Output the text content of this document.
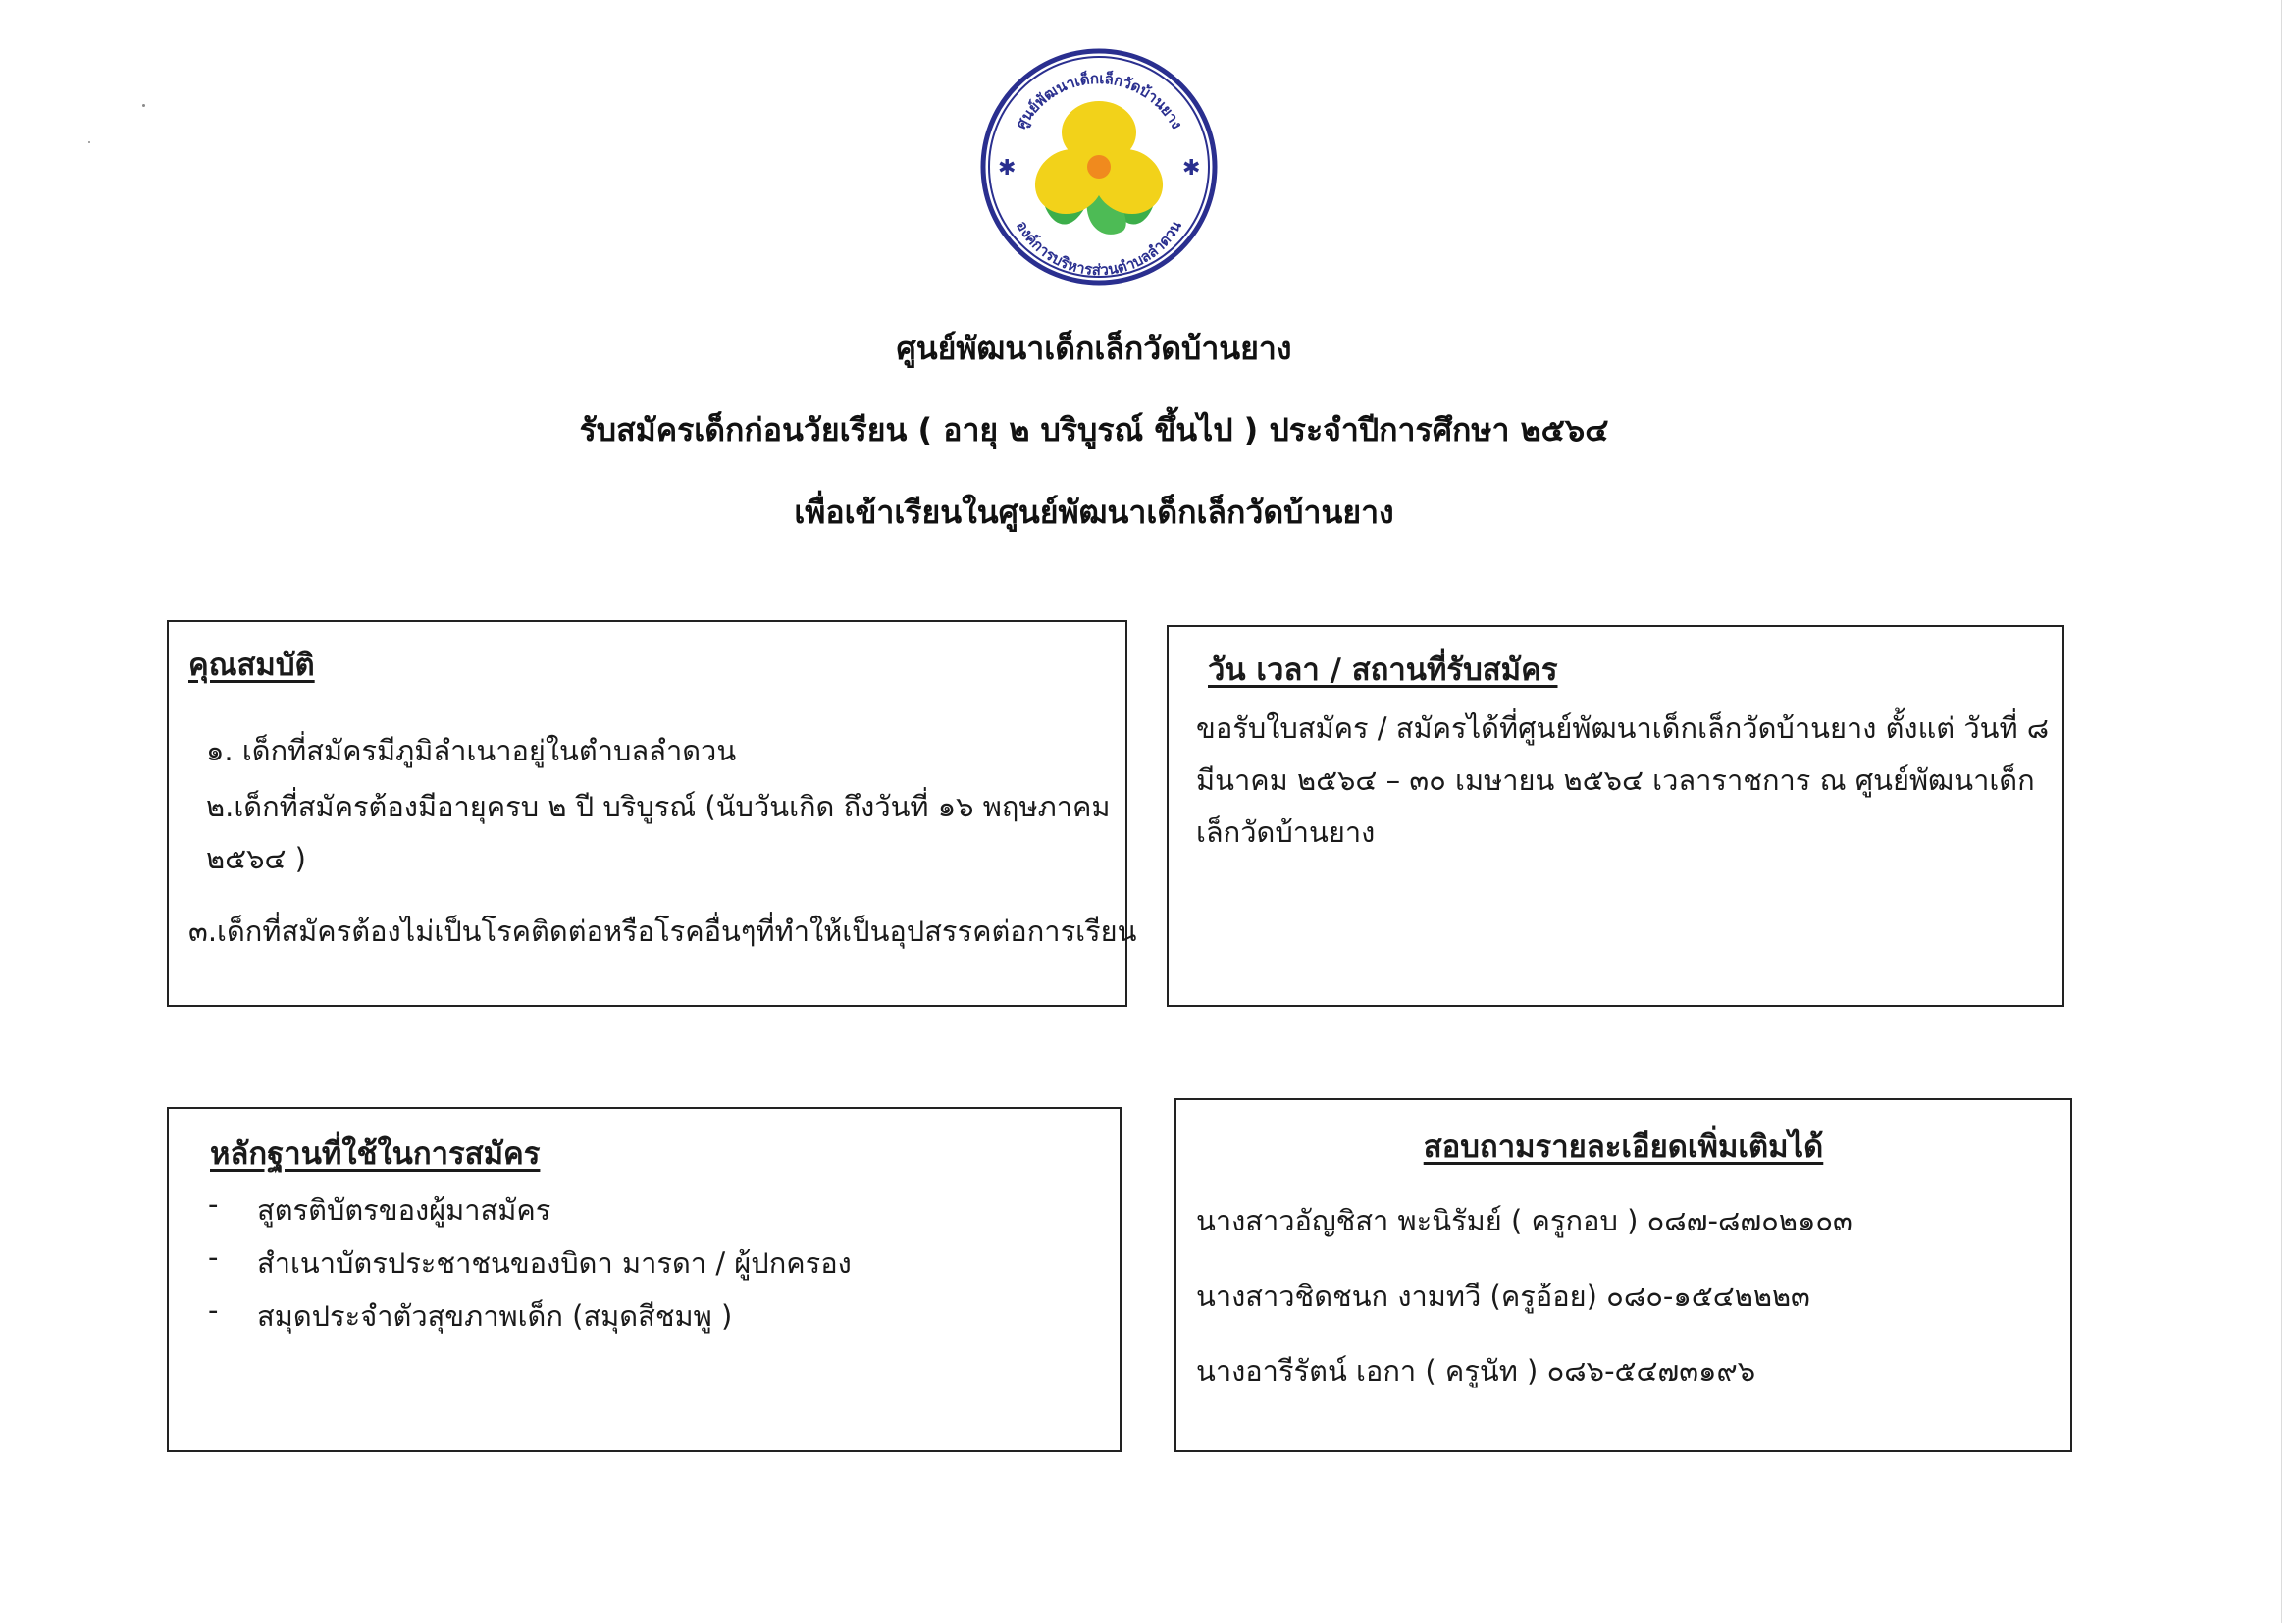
ศูนย์พัฒนาเด็กเล็กวัดบ้านยาง
องค์การบริหารส่วนตำบลลำดวน
✱	✱
ศูนย์พัฒนาเด็กเล็กวัดบ้านยาง
รับสมัครเด็กก่อนวัยเรียน ( อายุ ๒ บริบูรณ์ ขึ้นไป ) ประจำปีการศึกษา ๒๕๖๔
เพื่อเข้าเรียนในศูนย์พัฒนาเด็กเล็กวัดบ้านยาง
คุณสมบัติ
๑. เด็กที่สมัครมีภูมิลำเนาอยู่ในตำบลลำดวน
๒.เด็กที่สมัครต้องมีอายุครบ ๒ ปี บริบูรณ์ (นับวันเกิด ถึงวันที่ ๑๖ พฤษภาคม
๒๕๖๔ )
๓.เด็กที่สมัครต้องไม่เป็นโรคติดต่อหรือโรคอื่นๆที่ทำให้เป็นอุปสรรคต่อการเรียน
วัน เวลา / สถานที่รับสมัคร
ขอรับใบสมัคร / สมัครได้ที่ศูนย์พัฒนาเด็กเล็กวัดบ้านยาง ตั้งแต่ วันที่ ๘
มีนาคม ๒๕๖๔ – ๓๐ เมษายน ๒๕๖๔ เวลาราชการ ณ ศูนย์พัฒนาเด็ก
เล็กวัดบ้านยาง
หลักฐานที่ใช้ในการสมัคร
- สูตรติบัตรของผู้มาสมัคร
- สำเนาบัตรประชาชนของบิดา มารดา / ผู้ปกครอง
- สมุดประจำตัวสุขภาพเด็ก (สมุดสีชมพู )
สอบถามรายละเอียดเพิ่มเติมได้
นางสาวอัญชิสา พะนิรัมย์ ( ครูกอบ ) ๐๘๗-๘๗๐๒๑๐๓
นางสาวชิดชนก งามทวี (ครูอ้อย) ๐๘๐-๑๕๔๒๒๒๓
นางอารีรัตน์ เอกา ( ครูนัท ) ๐๘๖-๕๔๗๓๑๙๖
